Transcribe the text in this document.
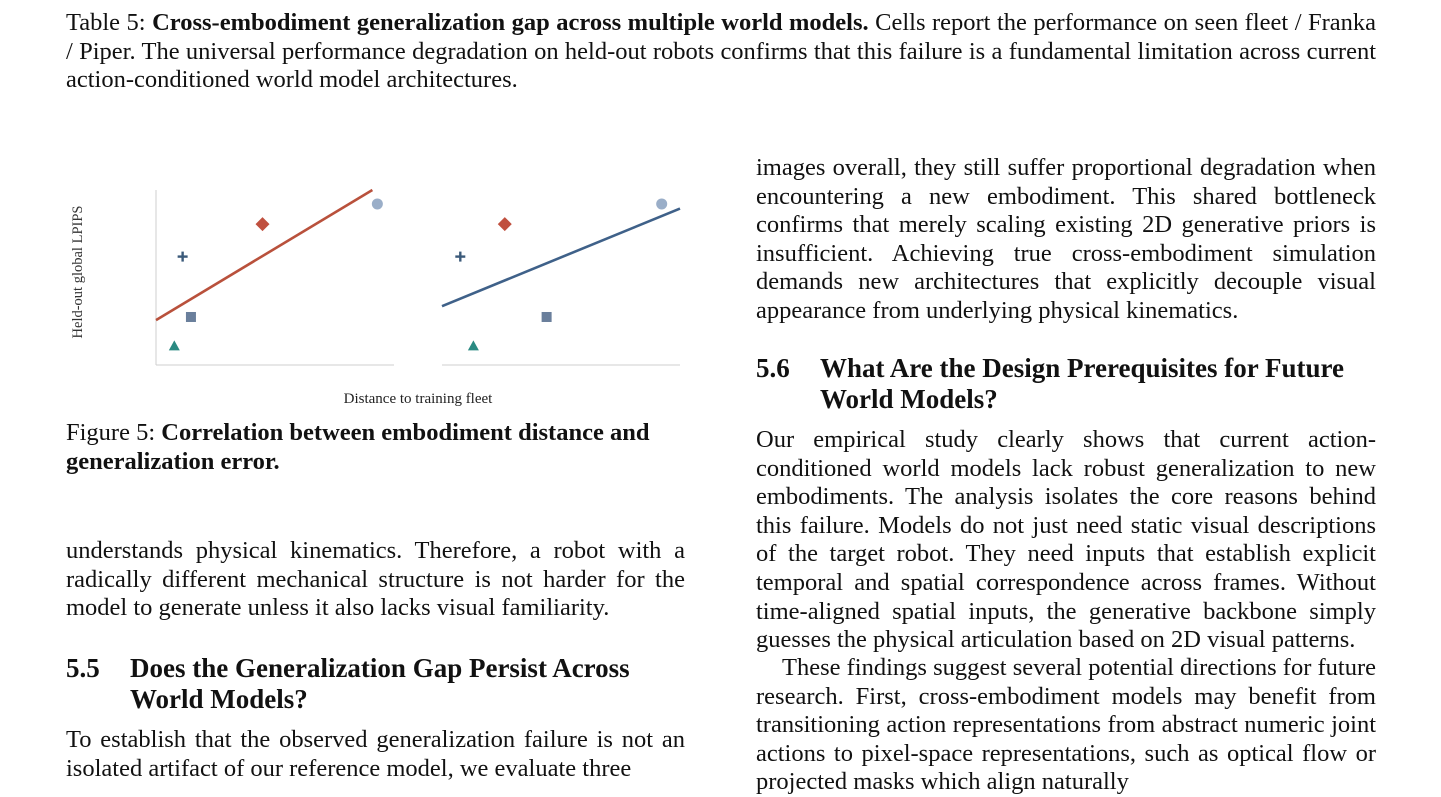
Table 5: Cross-embodiment generalization gap across multiple world models. Cells report the performance on seen fleet / Franka / Piper. The universal performance degradation on held-out robots confirms that this failure is a fundamental limitation across current action-conditioned world model architectures.
Held-out global LPIPS
Distance to training fleet
Figure 5: Correlation between embodiment distance and generalization error.
understands physical kinematics. Therefore, a robot with a radically different mechanical structure is not harder for the model to generate unless it also lacks visual familiarity.
5.5	Does the Generalization Gap Persist Across World Models?
To establish that the observed generalization failure is not an isolated artifact of our reference model, we evaluate three
images overall, they still suffer proportional degradation when encountering a new embodiment. This shared bottleneck confirms that merely scaling existing 2D generative priors is insufficient. Achieving true cross-embodiment simulation demands new architectures that explicitly decouple visual appearance from underlying physical kinematics.
5.6	What Are the Design Prerequisites for Future World Models?
Our empirical study clearly shows that current action-conditioned world models lack robust generalization to new embodiments. The analysis isolates the core reasons behind this failure. Models do not just need static visual descriptions of the target robot. They need inputs that establish explicit temporal and spatial correspondence across frames. Without time-aligned spatial inputs, the generative backbone simply guesses the physical articulation based on 2D visual patterns.
These findings suggest several potential directions for future research. First, cross-embodiment models may benefit from transitioning action representations from abstract numeric joint actions to pixel-space representations, such as optical flow or projected masks which align naturally
